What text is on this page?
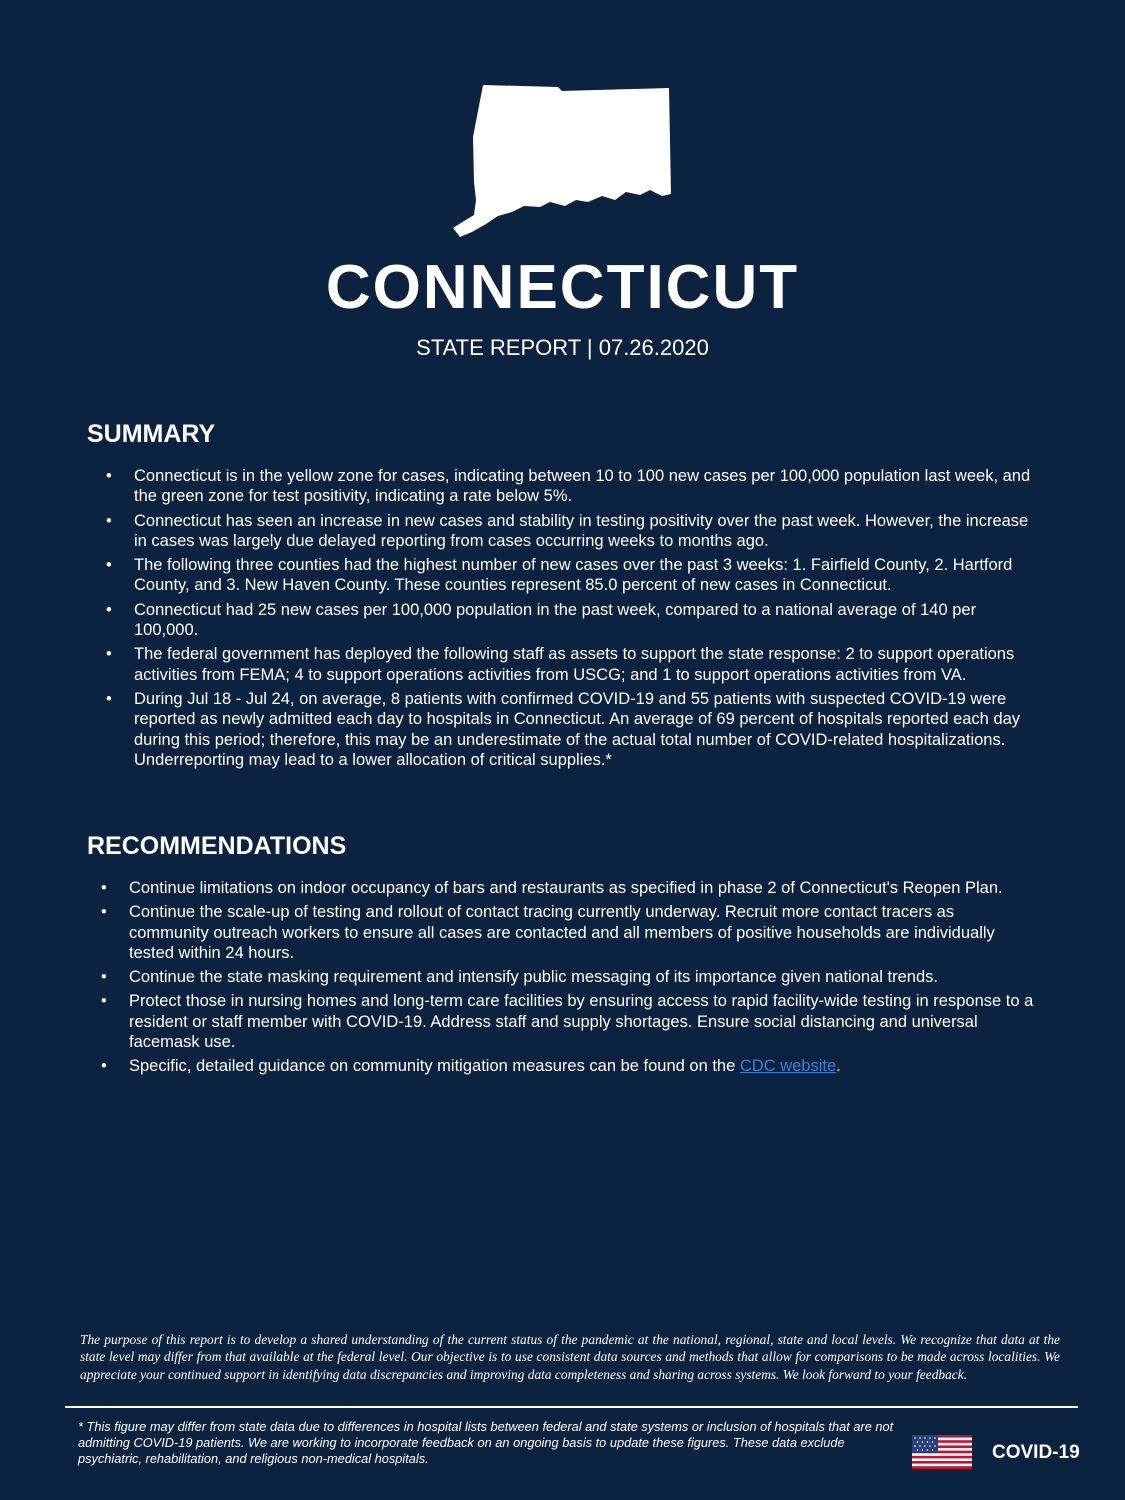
CONNECTICUT

STATE REPORT | 07.26.2020

SUMMARY
• Connecticut is in the yellow zone for cases, indicating between 10 to 100 new cases per 100,000 population last week, and the green zone for test positivity, indicating a rate below 5%.
• Connecticut has seen an increase in new cases and stability in testing positivity over the past week. However, the increase in cases was largely due delayed reporting from cases occurring weeks to months ago.
• The following three counties had the highest number of new cases over the past 3 weeks: 1. Fairfield County, 2. Hartford County, and 3. New Haven County. These counties represent 85.0 percent of new cases in Connecticut.
• Connecticut had 25 new cases per 100,000 population in the past week, compared to a national average of 140 per 100,000.
• The federal government has deployed the following staff as assets to support the state response: 2 to support operations activities from FEMA; 4 to support operations activities from USCG; and 1 to support operations activities from VA.
• During Jul 18 - Jul 24, on average, 8 patients with confirmed COVID-19 and 55 patients with suspected COVID-19 were reported as newly admitted each day to hospitals in Connecticut. An average of 69 percent of hospitals reported each day during this period; therefore, this may be an underestimate of the actual total number of COVID-related hospitalizations. Underreporting may lead to a lower allocation of critical supplies.*
RECOMMENDATIONS
• Continue limitations on indoor occupancy of bars and restaurants as specified in phase 2 of Connecticut's Reopen Plan.
• Continue the scale-up of testing and rollout of contact tracing currently underway. Recruit more contact tracers as community outreach workers to ensure all cases are contacted and all members of positive households are individually tested within 24 hours.
• Continue the state masking requirement and intensify public messaging of its importance given national trends.
• Protect those in nursing homes and long-term care facilities by ensuring access to rapid facility-wide testing in response to a resident or staff member with COVID-19. Address staff and supply shortages. Ensure social distancing and universal facemask use.
• Specific, detailed guidance on community mitigation measures can be found on the CDC website.

The purpose of this report is to develop a shared understanding of the current status of the pandemic at the national, regional, state and local levels. We recognize that data at the state level may differ from that available at the federal level. Our objective is to use consistent data sources and methods that allow for comparisons to be made across localities. We appreciate your continued support in identifying data discrepancies and improving data completeness and sharing across systems. We look forward to your feedback.

* This figure may differ from state data due to differences in hospital lists between federal and state systems or inclusion of hospitals that are not admitting COVID-19 patients. We are working to incorporate feedback on an ongoing basis to update these figures. These data exclude psychiatric, rehabilitation, and religious non-medical hospitals.	COVID-19
